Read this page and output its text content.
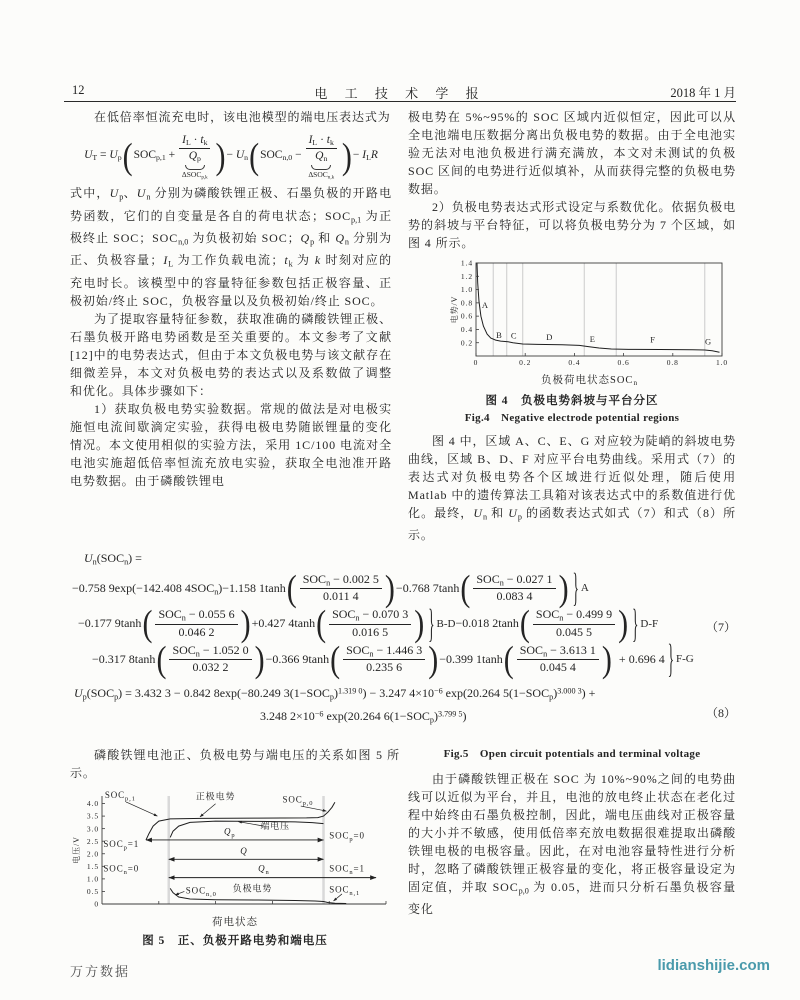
12	电 工 技 术 学 报	2018 年 1 月

在低倍率恒流充电时，该电池模型的端电压表达式为

$U_T = U_p$ ( $SOC_{p,1} + \frac{I_L \cdot t_k}{Q_p}$
$\Delta SOC_{p,k}$ ) − $U_n$ ( $SOC_{n,0} - \frac{I_L \cdot t_k}{Q_n}$
$\Delta SOC_{n,k}$ ) − $I_LR$

式中，$U_p$、$U_n$ 分别为磷酸铁锂正极、石墨负极的开路电势函数，它们的自变量是各自的荷电状态；$SOC_{p,1}$ 为正极终止 SOC；$SOC_{n,0}$ 为负极初始 SOC；$Q_p$ 和 $Q_n$ 分别为正、负极容量；$I_L$ 为工作负载电流；$t_k$ 为 k 时刻对应的充电时长。该模型中的容量特征参数包括正极容量、正极初始/终止 SOC，负极容量以及负极初始/终止 SOC。

为了提取容量特征参数，获取准确的磷酸铁锂正极、石墨负极开路电势函数是至关重要的。本文参考了文献[12]中的电势表达式，但由于本文负极电势与该文献存在细微差异，本文对负极电势的表达式以及系数做了调整和优化。具体步骤如下：

1）获取负极电势实验数据。常规的做法是对电极实施恒电流间歇滴定实验，获得电极电势随嵌锂量的变化情况。本文使用相似的实验方法，采用 1C/100 电流对全电池实施超低倍率恒流充放电实验，获取全电池准开路电势数据。由于磷酸铁锂电

极电势在 5%~95%的 SOC 区域内近似恒定，因此可以从全电池端电压数据分离出负极电势的数据。由于全电池实验无法对电池负极进行满充满放，本文对未测试的负极 SOC 区间的电势进行近似填补，从而获得完整的负极电势数据。

2）负极电势表达式形式设定与系数优化。依据负极电势的斜坡与平台特征，可以将负极电势分为 7 个区域，如图 4 所示。

0.2
0.4
0.6
0.8
1.0
1.2
1.4
0	0.2	0.4	0.6	0.8	1.0
A
B C	D	E	F	G
电势/V
负极荷电状态$SOC_n$
图 4　负极电势斜坡与平台分区
Fig.4　Negative electrode potential regions

图 4 中，区域 A、C、E、G 对应较为陡峭的斜坡电势曲线，区域 B、D、F 对应平台电势曲线。采用式（7）的表达式对负极电势各个区域进行近似处理，随后使用 Matlab 中的遗传算法工具箱对该表达式中的系数值进行优化。最终，$U_n$ 和 $U_p$ 的函数表达式如式（7）和式（8）所示。

$U_n(SOC_n)$ =
−0.758 9exp(−142.408 $4SOC_n) -1.158$ 1tanh ( $\frac{SOC_n - 0.002 5}{0.011 4}$ ) −0.768 7tanh ( $\frac{SOC_n - 0.027 1}{0.083 4}$ ) } A
−0.177 9tanh ( $\frac{SOC_n - 0.055 6}{0.046 2}$ ) +0.427 4tanh ( $\frac{SOC_n - 0.070 3}{0.016 5}$ ) } B-D −0.018 2tanh ( $\frac{SOC_n - 0.499 9}{0.045 5}$ ) } D-F
−0.317 8tanh ( $\frac{SOC_n - 1.052 0}{0.032 2}$ ) −0.366 9tanh ( $\frac{SOC_n - 1.446 3}{0.235 6}$ ) −0.399 1tanh ( $\frac{SOC_n - 3.613 1}{0.045 4}$ ) + 0.696 4 } F-G
$U_p(SOC_p) = 3.432$ 3 − 0.842 8exp(−80.249 $3(1-SOC_p)^{1.319 0}) - 3.247$ $4\times 10^{-6}$ exp(20.264 $5(1-SOC_p)^{3.000 3}$) +
3.248 $2\times 10^{-6}$ exp(20.264 $6(1-SOC_p)^{3.799 5}$)
（7）
（8）

磷酸铁锂电池正、负极电势与端电压的关系如图 5 所示。

0
0.5
1.0
1.5
2.0
2.5
3.0
3.5
4.0
$SOC_{p,1}$	正极电势	$SOC_{p,0}$
端电压
$Q_p$
$SOC_p=1$
$SOC_p=0$
Q
$SOC_n=0$	$Q_n$	$SOC_n=1$
$SOC_{n,0}$
负极电势	$SOC_{n,1}$
电压/V
荷电状态
图 5　正、负极开路电势和端电压
Fig.5　Open circuit potentials and terminal voltage

由于磷酸铁锂正极在 SOC 为 10%~90%之间的电势曲线可以近似为平台，并且，电池的放电终止状态在老化过程中始终由石墨负极控制，因此，端电压曲线对正极容量的大小并不敏感，使用低倍率充放电数据很难提取出磷酸铁锂电极的电极容量。因此，在对电池容量特性进行分析时，忽略了磷酸铁锂正极容量的变化，将正极容量设定为固定值，并取 $SOC_{p,0}$ 为 0.05，进而只分析石墨负极容量变化

万方数据	lidianshijie.com
